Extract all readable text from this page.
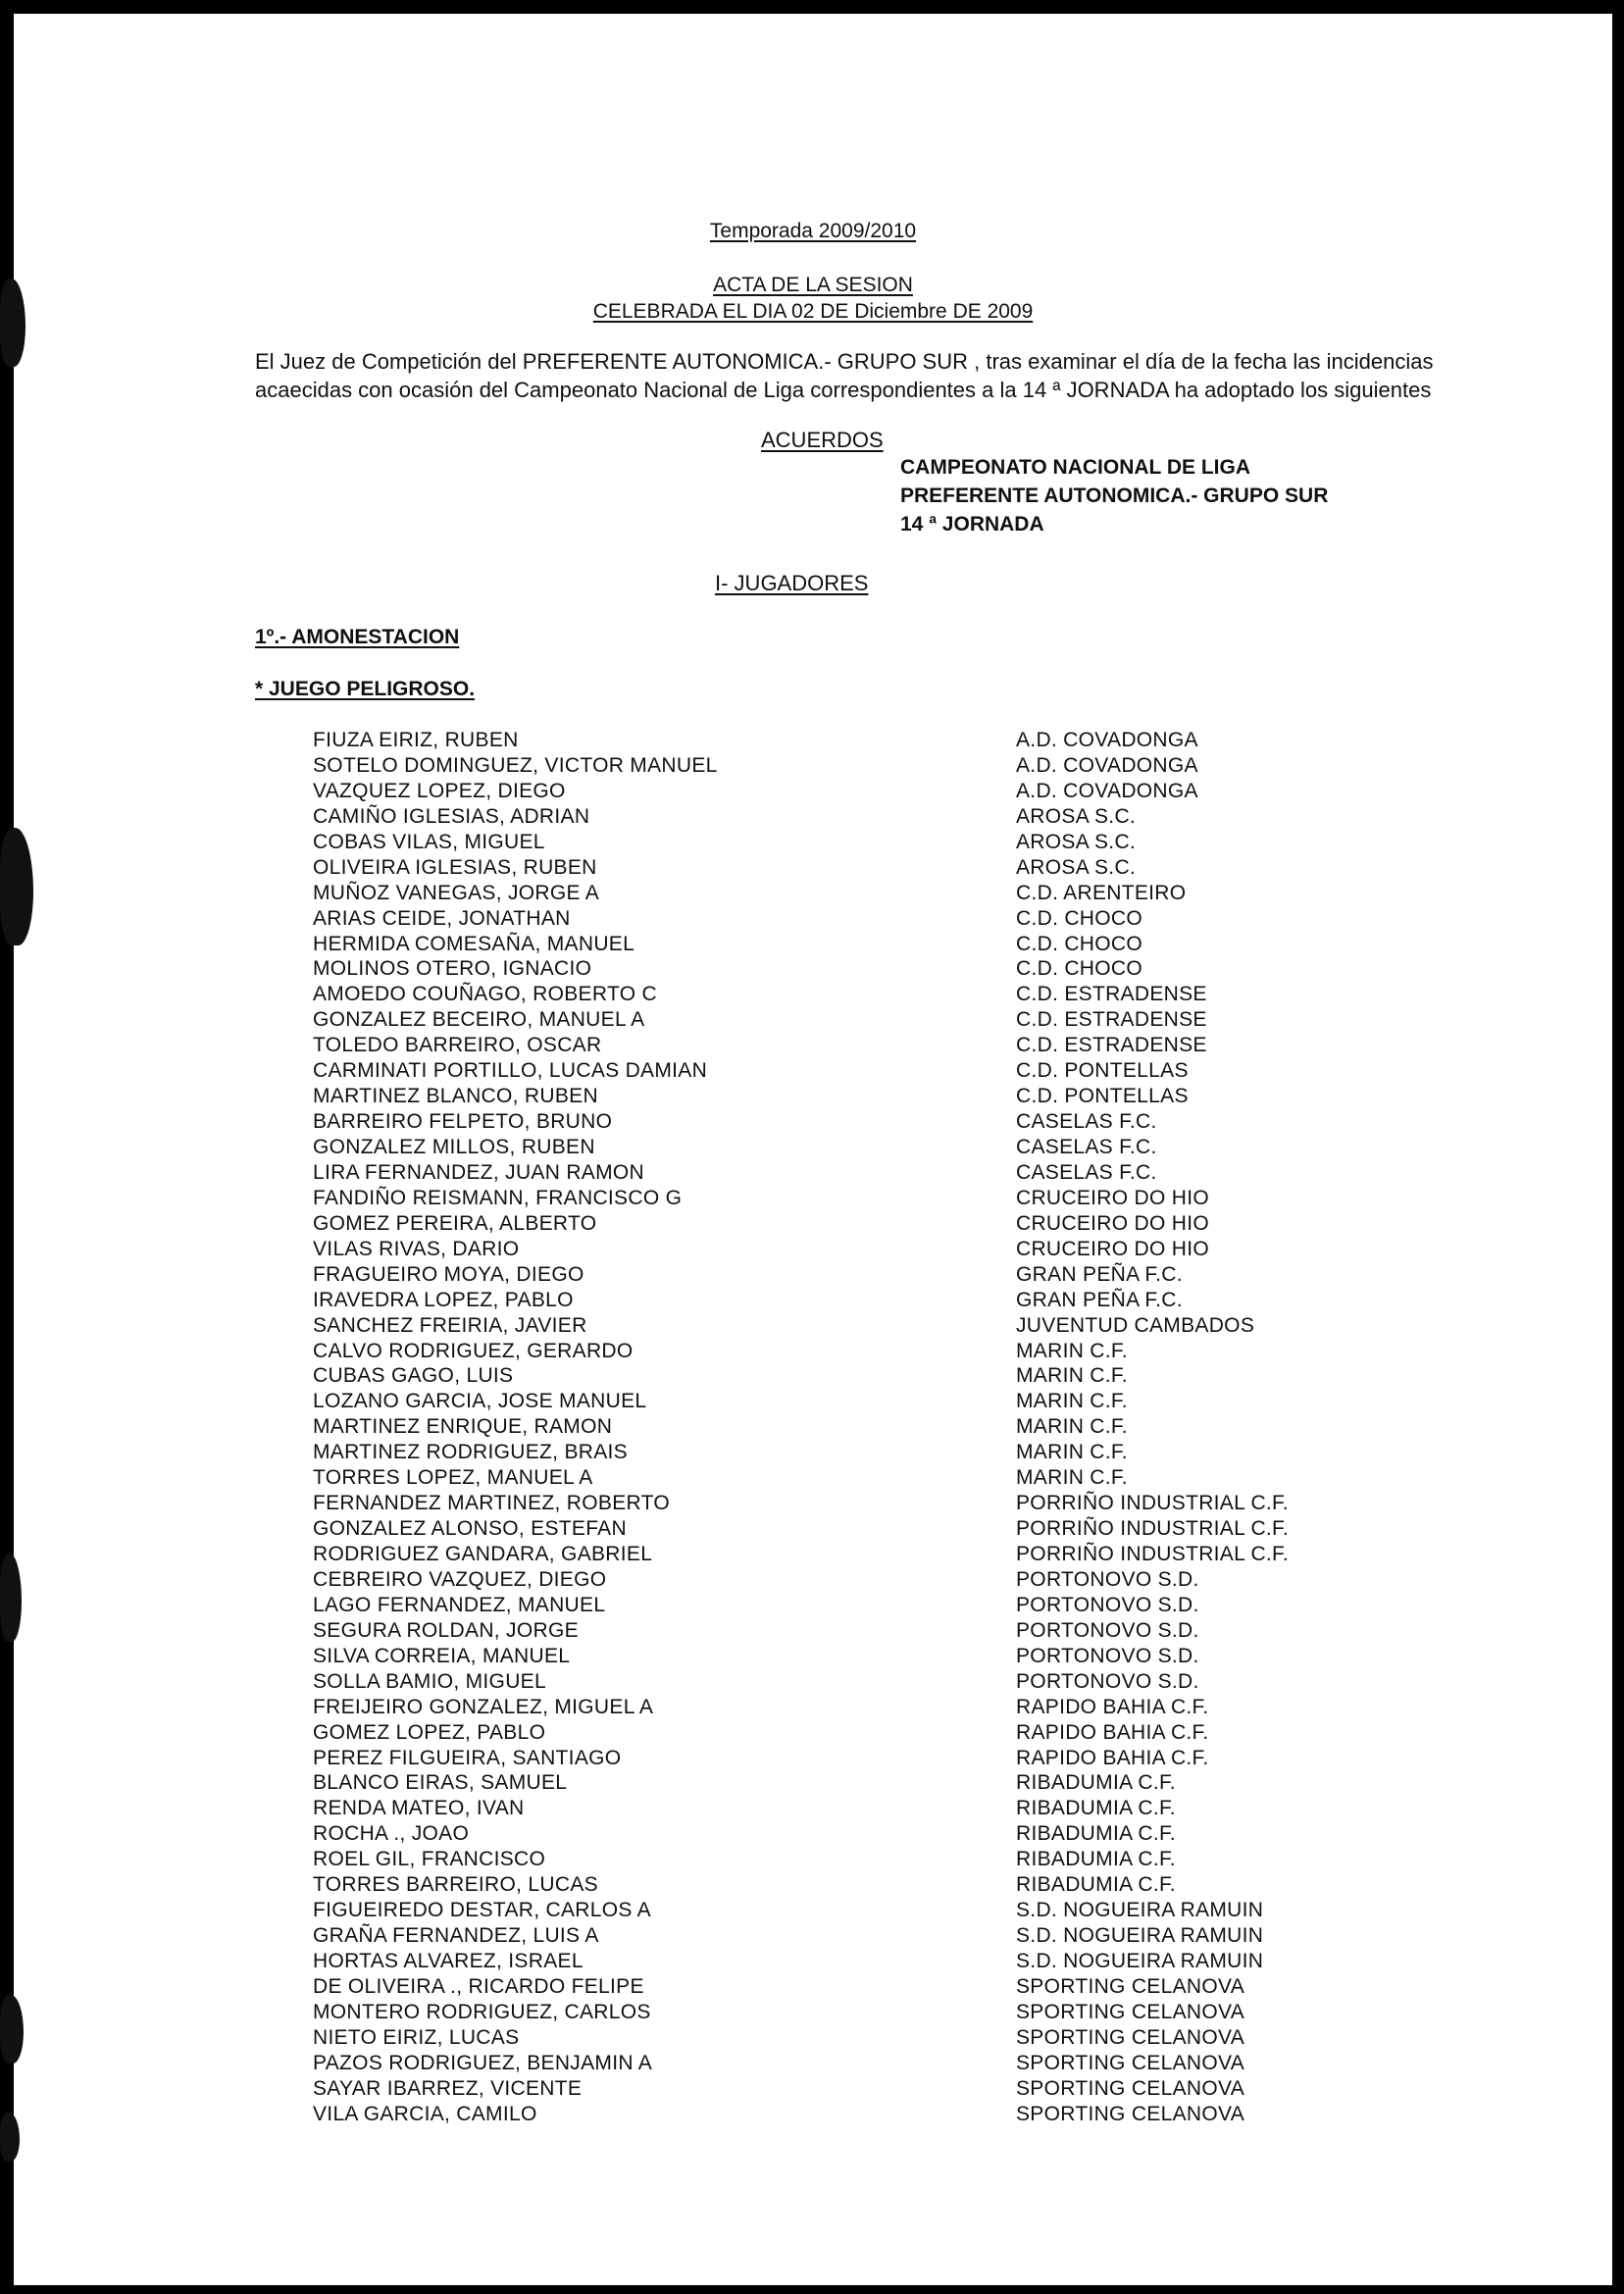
Temporada 2009/2010
ACTA DE LA SESION
CELEBRADA EL DIA 02 DE Diciembre DE 2009

El Juez de Competición del PREFERENTE AUTONOMICA.- GRUPO SUR , tras examinar el día de la fecha las incidencias acaecidas con ocasión del Campeonato Nacional de Liga correspondientes a la 14 ª JORNADA ha adoptado los siguientes

ACUERDOS
CAMPEONATO NACIONAL DE LIGA
PREFERENTE AUTONOMICA.- GRUPO SUR
14 ª JORNADA
I- JUGADORES
1º.- AMONESTACION
* JUEGO PELIGROSO.
FIUZA EIRIZ, RUBEN	A.D. COVADONGA
SOTELO DOMINGUEZ, VICTOR MANUEL	A.D. COVADONGA
VAZQUEZ LOPEZ, DIEGO	A.D. COVADONGA
CAMIÑO IGLESIAS, ADRIAN	AROSA S.C.
COBAS VILAS, MIGUEL	AROSA S.C.
OLIVEIRA IGLESIAS, RUBEN	AROSA S.C.
MUÑOZ VANEGAS, JORGE A	C.D. ARENTEIRO
ARIAS CEIDE, JONATHAN	C.D. CHOCO
HERMIDA COMESAÑA, MANUEL	C.D. CHOCO
MOLINOS OTERO, IGNACIO	C.D. CHOCO
AMOEDO COUÑAGO, ROBERTO C	C.D. ESTRADENSE
GONZALEZ BECEIRO, MANUEL A	C.D. ESTRADENSE
TOLEDO BARREIRO, OSCAR	C.D. ESTRADENSE
CARMINATI PORTILLO, LUCAS DAMIAN	C.D. PONTELLAS
MARTINEZ BLANCO, RUBEN	C.D. PONTELLAS
BARREIRO FELPETO, BRUNO	CASELAS F.C.
GONZALEZ MILLOS, RUBEN	CASELAS F.C.
LIRA FERNANDEZ, JUAN RAMON	CASELAS F.C.
FANDIÑO REISMANN, FRANCISCO G	CRUCEIRO DO HIO
GOMEZ PEREIRA, ALBERTO	CRUCEIRO DO HIO
VILAS RIVAS, DARIO	CRUCEIRO DO HIO
FRAGUEIRO MOYA, DIEGO	GRAN PEÑA F.C.
IRAVEDRA LOPEZ, PABLO	GRAN PEÑA F.C.
SANCHEZ FREIRIA, JAVIER	JUVENTUD CAMBADOS
CALVO RODRIGUEZ, GERARDO	MARIN C.F.
CUBAS GAGO, LUIS	MARIN C.F.
LOZANO GARCIA, JOSE MANUEL	MARIN C.F.
MARTINEZ ENRIQUE, RAMON	MARIN C.F.
MARTINEZ RODRIGUEZ, BRAIS	MARIN C.F.
TORRES LOPEZ, MANUEL A	MARIN C.F.
FERNANDEZ MARTINEZ, ROBERTO	PORRIÑO INDUSTRIAL C.F.
GONZALEZ ALONSO, ESTEFAN	PORRIÑO INDUSTRIAL C.F.
RODRIGUEZ GANDARA, GABRIEL	PORRIÑO INDUSTRIAL C.F.
CEBREIRO VAZQUEZ, DIEGO	PORTONOVO S.D.
LAGO FERNANDEZ, MANUEL	PORTONOVO S.D.
SEGURA ROLDAN, JORGE	PORTONOVO S.D.
SILVA CORREIA, MANUEL	PORTONOVO S.D.
SOLLA BAMIO, MIGUEL	PORTONOVO S.D.
FREIJEIRO GONZALEZ, MIGUEL A	RAPIDO BAHIA C.F.
GOMEZ LOPEZ, PABLO	RAPIDO BAHIA C.F.
PEREZ FILGUEIRA, SANTIAGO	RAPIDO BAHIA C.F.
BLANCO EIRAS, SAMUEL	RIBADUMIA C.F.
RENDA MATEO, IVAN	RIBADUMIA C.F.
ROCHA ., JOAO	RIBADUMIA C.F.
ROEL GIL, FRANCISCO	RIBADUMIA C.F.
TORRES BARREIRO, LUCAS	RIBADUMIA C.F.
FIGUEIREDO DESTAR, CARLOS A	S.D. NOGUEIRA RAMUIN
GRAÑA FERNANDEZ, LUIS A	S.D. NOGUEIRA RAMUIN
HORTAS ALVAREZ, ISRAEL	S.D. NOGUEIRA RAMUIN
DE OLIVEIRA ., RICARDO FELIPE	SPORTING CELANOVA
MONTERO RODRIGUEZ, CARLOS	SPORTING CELANOVA
NIETO EIRIZ, LUCAS	SPORTING CELANOVA
PAZOS RODRIGUEZ, BENJAMIN A	SPORTING CELANOVA
SAYAR IBARREZ, VICENTE	SPORTING CELANOVA
VILA GARCIA, CAMILO	SPORTING CELANOVA
